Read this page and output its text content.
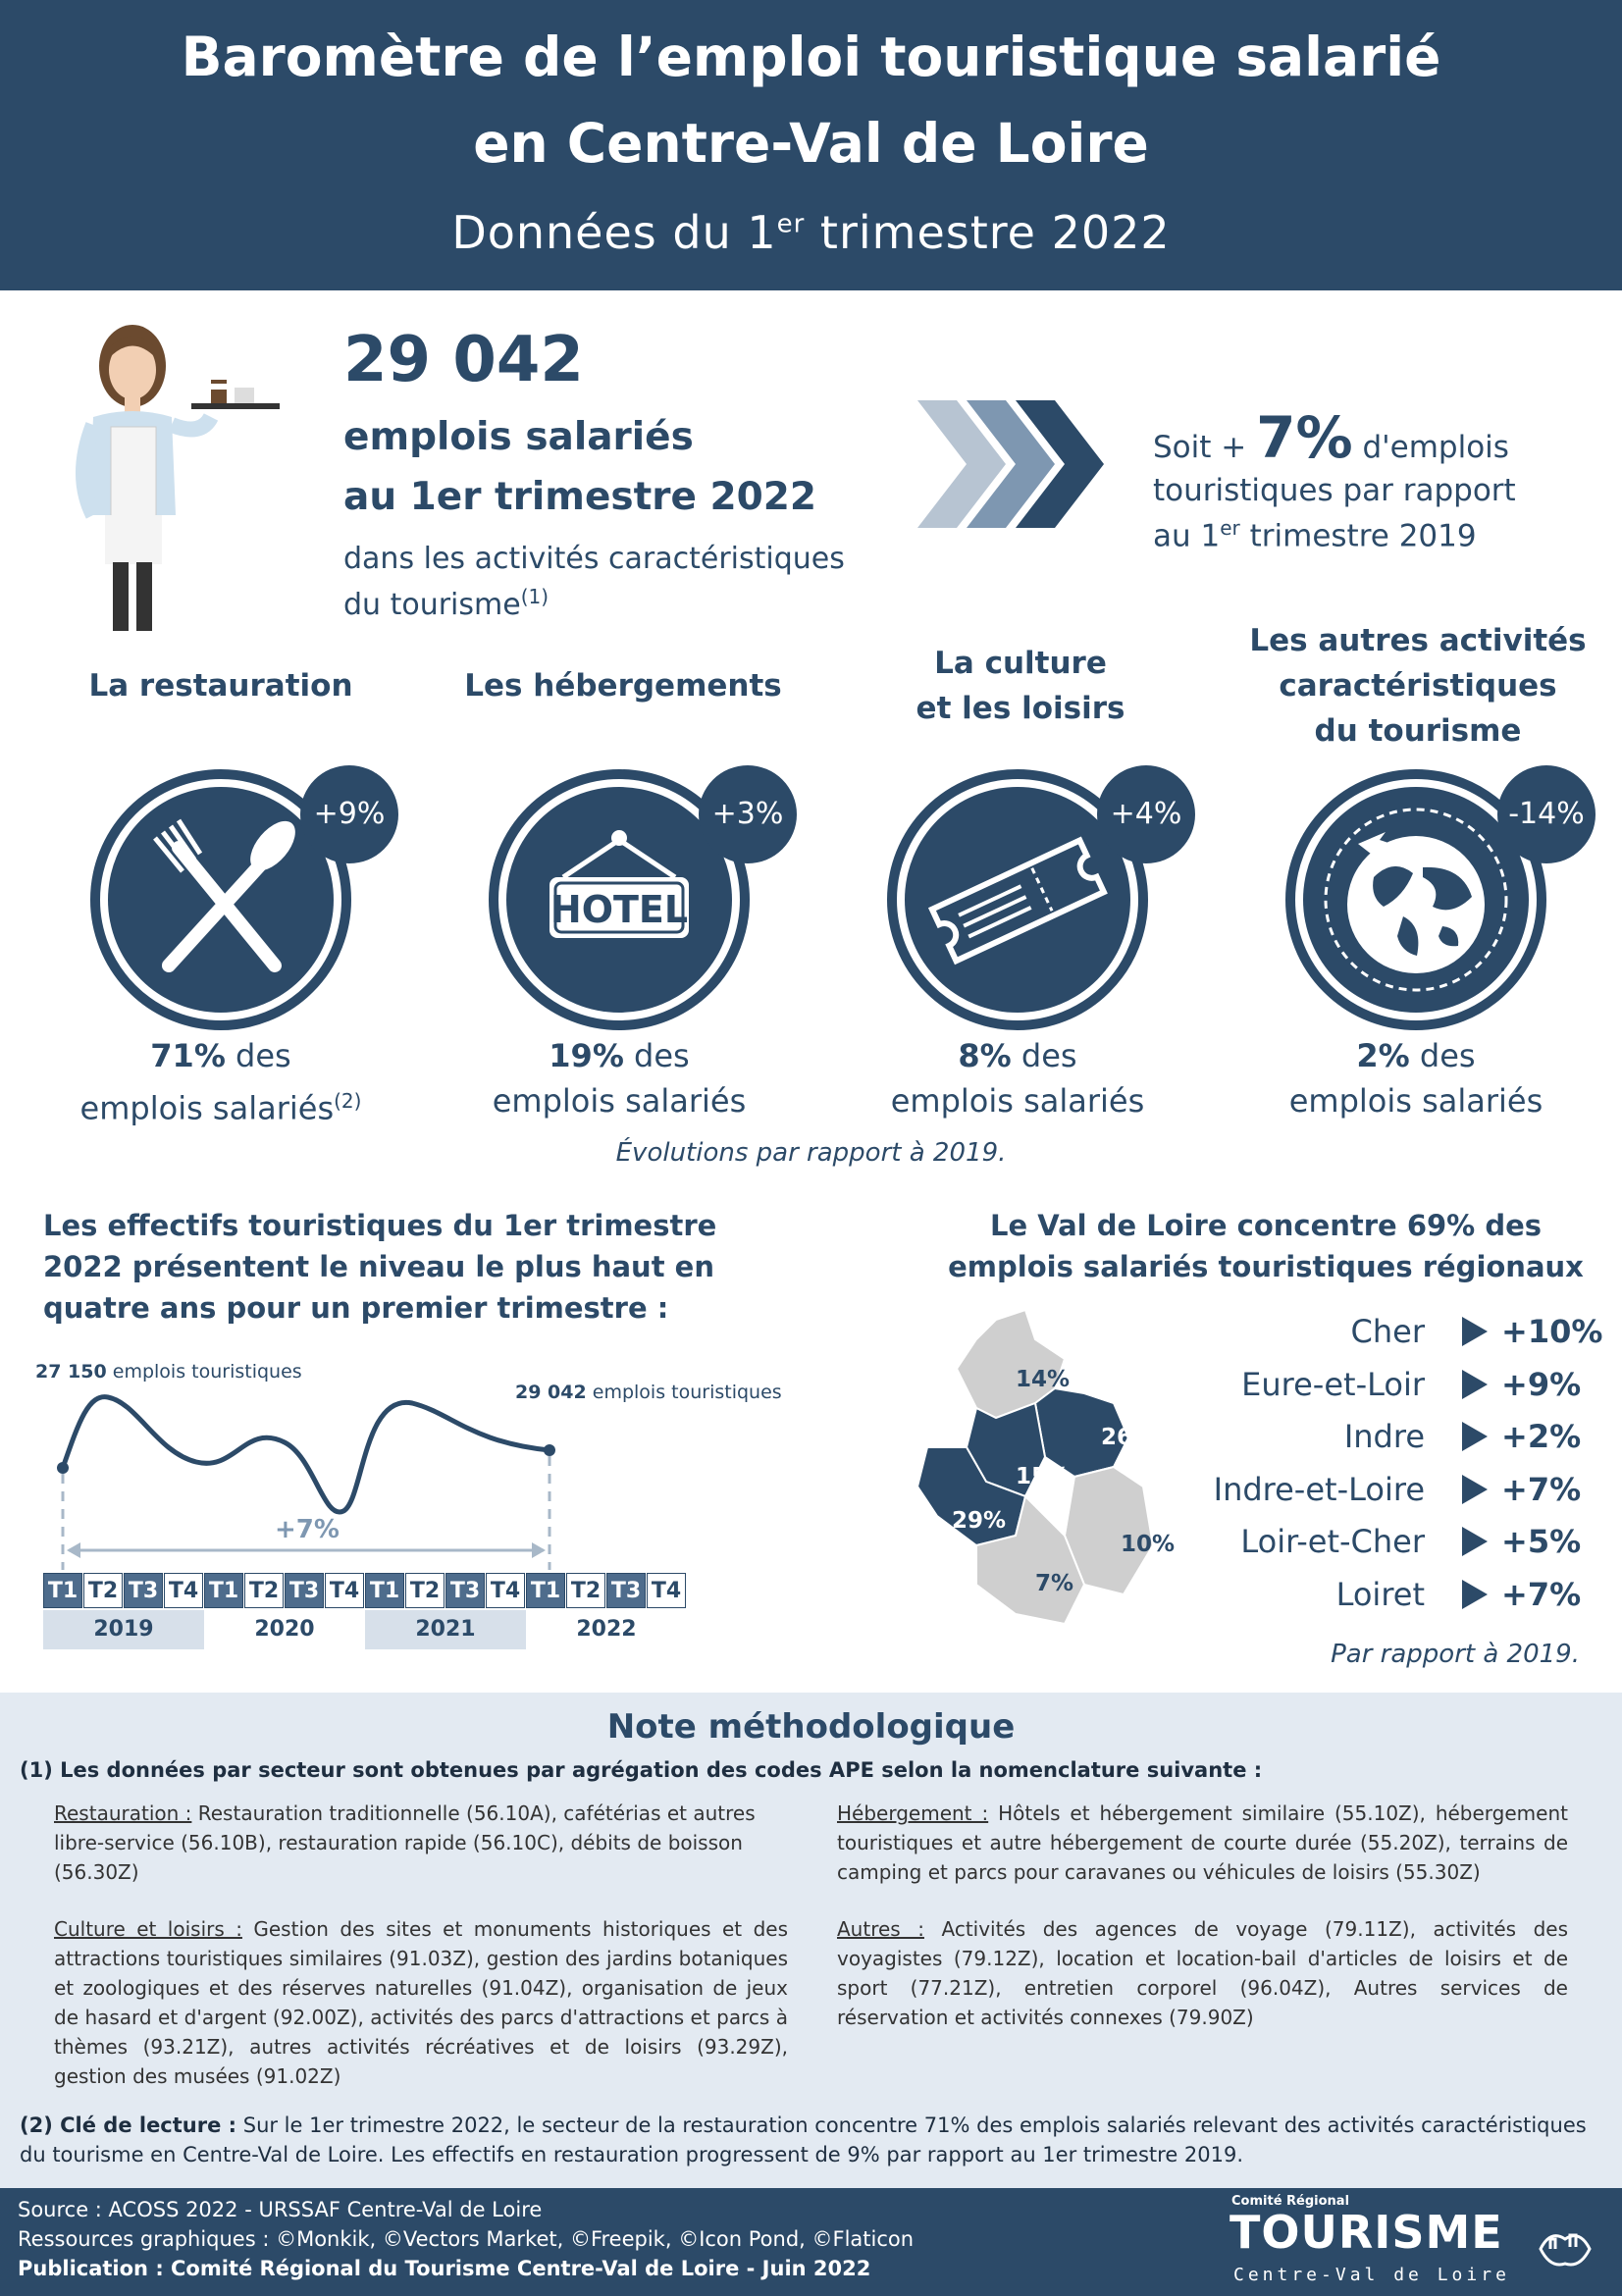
Baromètre de l’emploi touristique salarié
en Centre-Val de Loire
Données du 1er trimestre 2022
29 042
emplois salariés
au 1er trimestre 2022
dans les activités caractéristiques
du tourisme$^{(1)}$
Soit + 7% d'emplois
touristiques par rapport
au 1er trimestre 2019
La restauration	Les hébergements
La culture
et les loisirs
Les autres activités
caractéristiques
du tourisme
+9%
HOTEL
+3%	+4%	-14%
71% des
emplois salariés$^{(2)}$
19% des
emplois salariés
8% des
emplois salariés
2% des
emplois salariés
Évolutions par rapport à 2019.
Les effectifs touristiques du 1er trimestre
2022 présentent le niveau le plus haut en
quatre ans pour un premier trimestre :
27 150 emplois touristiques
29 042 emplois touristiques
+7%
T1 T2 T3 T4 T1 T2 T3 T4 T1 T2 T3 T4 T1 T2 T3 T4
2019	2020	2021	2022
Le Val de Loire concentre 69% des
emplois salariés touristiques régionaux
14%
26%
15%
29%
10%
7%
Cher +10%
Eure-et-Loir +9%
Indre +2%
Indre-et-Loire +7%
Loir-et-Cher +5%
Loiret +7%
Par rapport à 2019.
Note méthodologique
(1) Les données par secteur sont obtenues par agrégation des codes APE selon la nomenclature suivante :
Restauration : Restauration traditionnelle (56.10A), cafétérias et autres libre-service (56.10B), restauration rapide (56.10C), débits de boisson (56.30Z)
Hébergement : Hôtels et hébergement similaire (55.10Z), hébergement touristiques et autre hébergement de courte durée (55.20Z), terrains de camping et parcs pour caravanes ou véhicules de loisirs (55.30Z)
Culture et loisirs : Gestion des sites et monuments historiques et des attractions touristiques similaires (91.03Z), gestion des jardins botaniques et zoologiques et des réserves naturelles (91.04Z), organisation de jeux de hasard et d'argent (92.00Z), activités des parcs d'attractions et parcs à thèmes (93.21Z), autres activités récréatives et de loisirs (93.29Z), gestion des musées (91.02Z)
Autres : Activités des agences de voyage (79.11Z), activités des voyagistes (79.12Z), location et location-bail d'articles de loisirs et de sport (77.21Z), entretien corporel (96.04Z), Autres services de réservation et activités connexes (79.90Z)
(2) Clé de lecture : Sur le 1er trimestre 2022, le secteur de la restauration concentre 71% des emplois salariés relevant des activités caractéristiques du tourisme en Centre-Val de Loire. Les effectifs en restauration progressent de 9% par rapport au 1er trimestre 2019.
Source : ACOSS 2022 - URSSAF Centre-Val de Loire
Ressources graphiques : ©Monkik, ©Vectors Market, ©Freepik, ©Icon Pond, ©Flaticon
Publication : Comité Régional du Tourisme Centre-Val de Loire - Juin 2022
Comité Régional
TOURISME
Centre-Val de Loire
